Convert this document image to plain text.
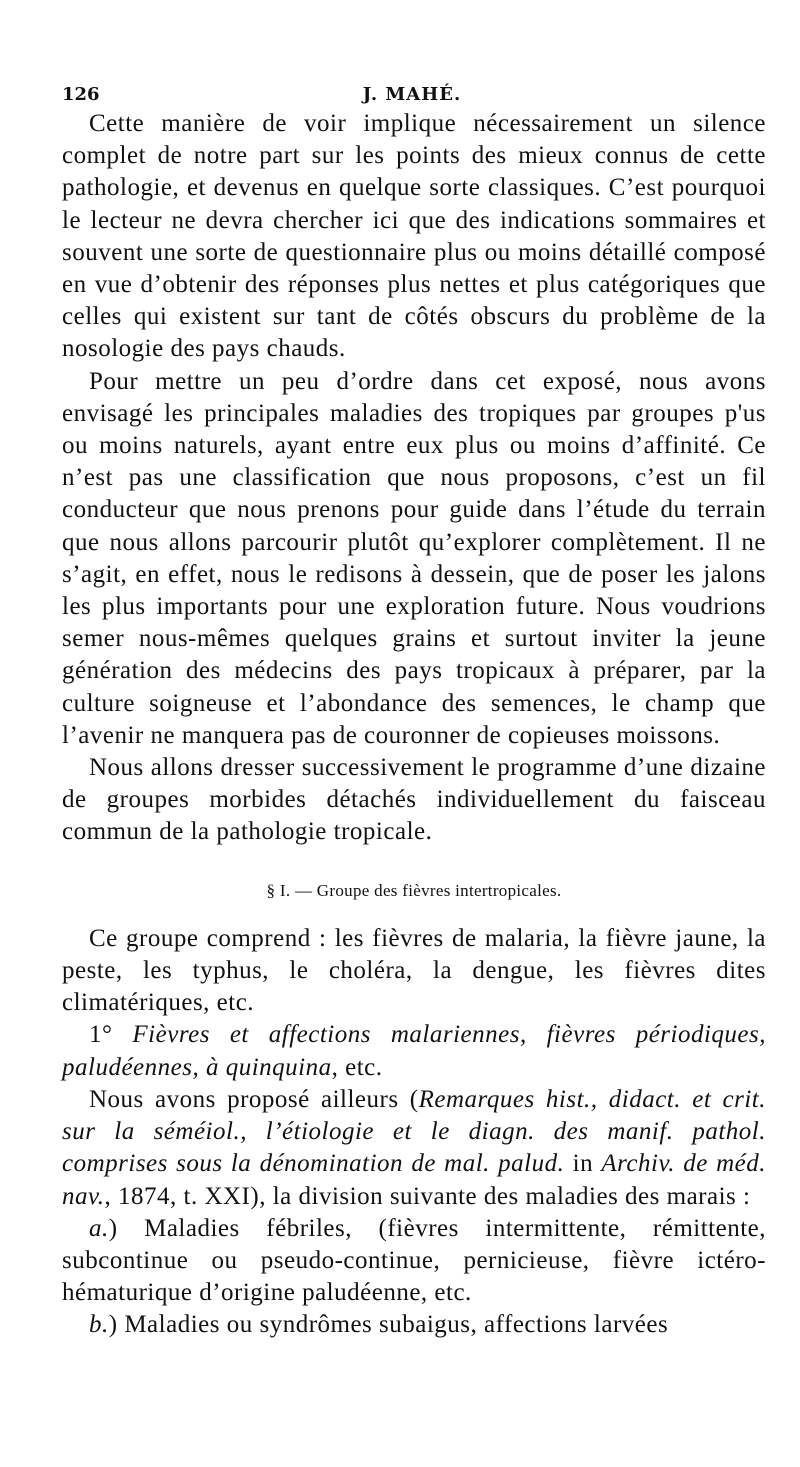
126	J. MAHÉ.

Cette manière de voir implique nécessairement un silence complet de notre part sur les points des mieux connus de cette pathologie, et devenus en quelque sorte classiques. C’est pourquoi le lecteur ne devra chercher ici que des indications sommaires et souvent une sorte de questionnaire plus ou moins détaillé composé en vue d’obtenir des réponses plus nettes et plus catégoriques que celles qui existent sur tant de côtés obscurs du problème de la nosologie des pays chauds.

Pour mettre un peu d’ordre dans cet exposé, nous avons envisagé les principales maladies des tropiques par groupes p'us ou moins naturels, ayant entre eux plus ou moins d’affinité. Ce n’est pas une classification que nous proposons, c’est un fil conducteur que nous prenons pour guide dans l’étude du terrain que nous allons parcourir plutôt qu’explorer complètement. Il ne s’agit, en effet, nous le redisons à dessein, que de poser les jalons les plus importants pour une exploration future. Nous voudrions semer nous-mêmes quelques grains et surtout inviter la jeune génération des médecins des pays tropicaux à préparer, par la culture soigneuse et l’abondance des semences, le champ que l’avenir ne manquera pas de couronner de copieuses moissons.

Nous allons dresser successivement le programme d’une dizaine de groupes morbides détachés individuellement du faisceau commun de la pathologie tropicale.

§ I. — Groupe des fièvres intertropicales.

Ce groupe comprend : les fièvres de malaria, la fièvre jaune, la peste, les typhus, le choléra, la dengue, les fièvres dites climatériques, etc.

1° Fièvres et affections malariennes, fièvres périodiques, paludéennes, à quinquina, etc.

Nous avons proposé ailleurs (Remarques hist., didact. et crit. sur la séméiol., l’étiologie et le diagn. des manif. pathol. comprises sous la dénomination de mal. palud. in Archiv. de méd. nav., 1874, t. XXI), la division suivante des maladies des marais :

a.) Maladies fébriles, (fièvres intermittente, rémittente, subcontinue ou pseudo-continue, pernicieuse, fièvre ictéro-hématurique d’origine paludéenne, etc.

b.) Maladies ou syndrômes subaigus, affections larvées
